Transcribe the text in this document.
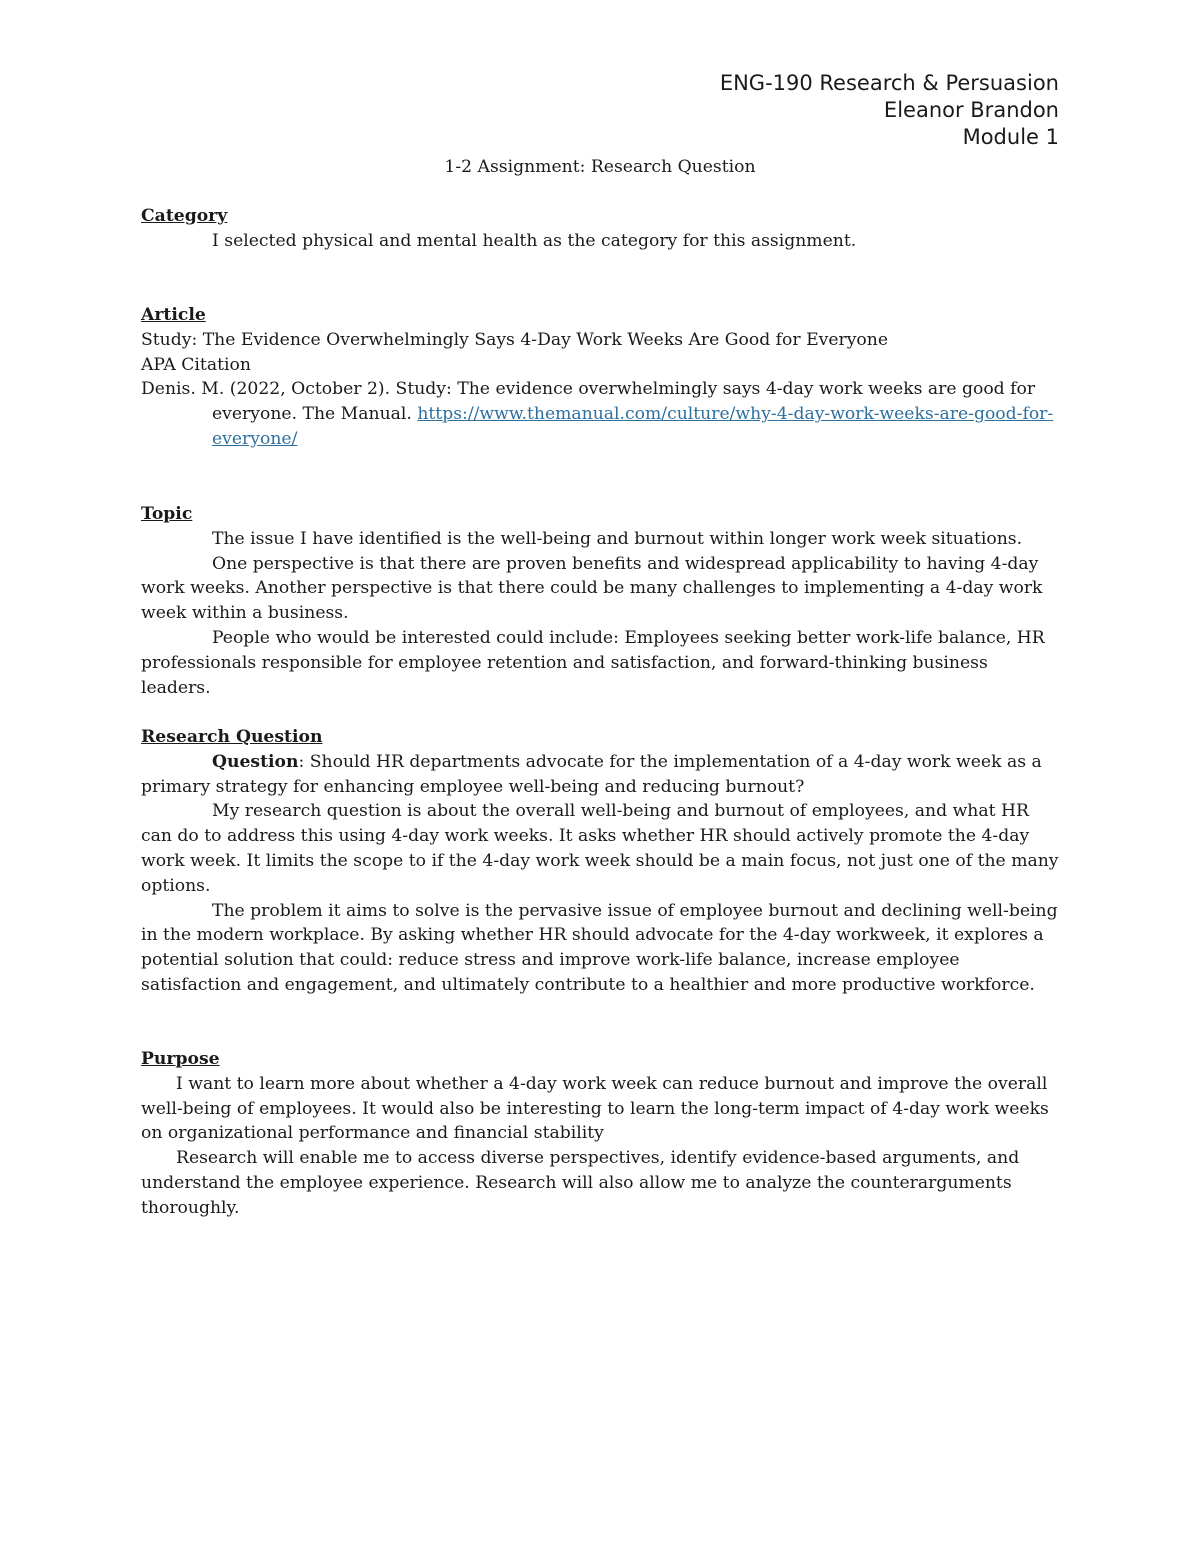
ENG-190 Research & Persuasion
Eleanor Brandon
Module 1
1-2 Assignment: Research Question
Category
I selected physical and mental health as the category for this assignment.
Article
Study: The Evidence Overwhelmingly Says 4-Day Work Weeks Are Good for Everyone
APA Citation
Denis. M. (2022, October 2). Study: The evidence overwhelmingly says 4-day work weeks are good for everyone. The Manual. https://www.themanual.com/culture/why-4-day-work-weeks-are-good-for-everyone/
Topic
The issue I have identified is the well-being and burnout within longer work week situations.
One perspective is that there are proven benefits and widespread applicability to having 4-day work weeks. Another perspective is that there could be many challenges to implementing a 4-day work week within a business.
People who would be interested could include: Employees seeking better work-life balance, HR professionals responsible for employee retention and satisfaction, and forward-thinking business leaders.
Research Question
Question: Should HR departments advocate for the implementation of a 4-day work week as a primary strategy for enhancing employee well-being and reducing burnout?
My research question is about the overall well-being and burnout of employees, and what HR can do to address this using 4-day work weeks. It asks whether HR should actively promote the 4-day work week. It limits the scope to if the 4-day work week should be a main focus, not just one of the many options.
The problem it aims to solve is the pervasive issue of employee burnout and declining well-being in the modern workplace. By asking whether HR should advocate for the 4-day workweek, it explores a potential solution that could: reduce stress and improve work-life balance, increase employee satisfaction and engagement, and ultimately contribute to a healthier and more productive workforce.
Purpose
I want to learn more about whether a 4-day work week can reduce burnout and improve the overall well-being of employees. It would also be interesting to learn the long-term impact of 4-day work weeks on organizational performance and financial stability
Research will enable me to access diverse perspectives, identify evidence-based arguments, and understand the employee experience. Research will also allow me to analyze the counterarguments thoroughly.
